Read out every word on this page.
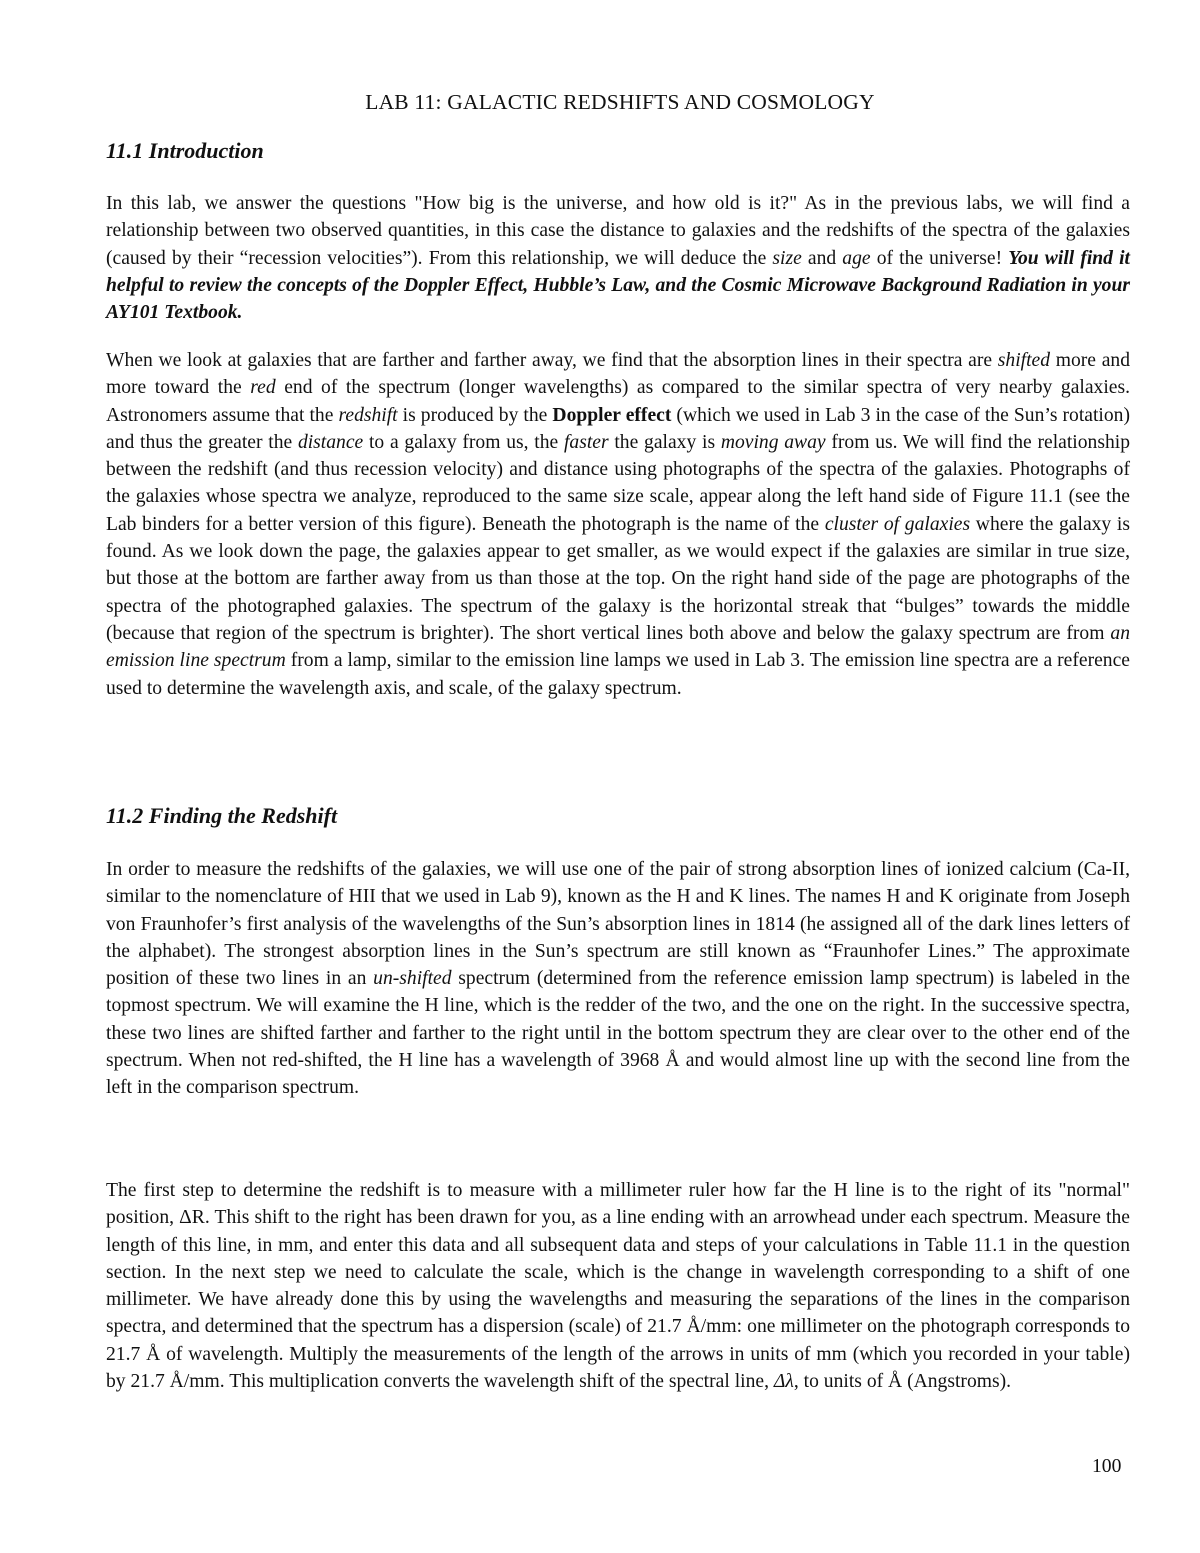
LAB 11: GALACTIC REDSHIFTS AND COSMOLOGY
11.1 Introduction

In this lab, we answer the questions "How big is the universe, and how old is it?" As in the previous labs, we will find a relationship between two observed quantities, in this case the distance to galaxies and the redshifts of the spectra of the galaxies (caused by their “recession velocities”). From this relationship, we will deduce the size and age of the universe! You will find it helpful to review the concepts of the Doppler Effect, Hubble’s Law, and the Cosmic Microwave Background Radiation in your AY101 Textbook.

When we look at galaxies that are farther and farther away, we find that the absorption lines in their spectra are shifted more and more toward the red end of the spectrum (longer wavelengths) as compared to the similar spectra of very nearby galaxies. Astronomers assume that the redshift is produced by the Doppler effect (which we used in Lab 3 in the case of the Sun’s rotation) and thus the greater the distance to a galaxy from us, the faster the galaxy is moving away from us. We will find the relationship between the redshift (and thus recession velocity) and distance using photographs of the spectra of the galaxies. Photographs of the galaxies whose spectra we analyze, reproduced to the same size scale, appear along the left hand side of Figure 11.1 (see the Lab binders for a better version of this figure). Beneath the photograph is the name of the cluster of galaxies where the galaxy is found. As we look down the page, the galaxies appear to get smaller, as we would expect if the galaxies are similar in true size, but those at the bottom are farther away from us than those at the top. On the right hand side of the page are photographs of the spectra of the photographed galaxies. The spectrum of the galaxy is the horizontal streak that “bulges” towards the middle (because that region of the spectrum is brighter). The short vertical lines both above and below the galaxy spectrum are from an emission line spectrum from a lamp, similar to the emission line lamps we used in Lab 3. The emission line spectra are a reference used to determine the wavelength axis, and scale, of the galaxy spectrum.

11.2 Finding the Redshift

In order to measure the redshifts of the galaxies, we will use one of the pair of strong absorption lines of ionized calcium (Ca-II, similar to the nomenclature of HII that we used in Lab 9), known as the H and K lines. The names H and K originate from Joseph von Fraunhofer’s first analysis of the wavelengths of the Sun’s absorption lines in 1814 (he assigned all of the dark lines letters of the alphabet). The strongest absorption lines in the Sun’s spectrum are still known as “Fraunhofer Lines.” The approximate position of these two lines in an un-shifted spectrum (determined from the reference emission lamp spectrum) is labeled in the topmost spectrum. We will examine the H line, which is the redder of the two, and the one on the right. In the successive spectra, these two lines are shifted farther and farther to the right until in the bottom spectrum they are clear over to the other end of the spectrum. When not red-shifted, the H line has a wavelength of 3968 Å and would almost line up with the second line from the left in the comparison spectrum.

The first step to determine the redshift is to measure with a millimeter ruler how far the H line is to the right of its "normal" position, ΔR. This shift to the right has been drawn for you, as a line ending with an arrowhead under each spectrum. Measure the length of this line, in mm, and enter this data and all subsequent data and steps of your calculations in Table 11.1 in the question section. In the next step we need to calculate the scale, which is the change in wavelength corresponding to a shift of one millimeter. We have already done this by using the wavelengths and measuring the separations of the lines in the comparison spectra, and determined that the spectrum has a dispersion (scale) of 21.7 Å/mm: one millimeter on the photograph corresponds to 21.7 Å of wavelength. Multiply the measurements of the length of the arrows in units of mm (which you recorded in your table) by 21.7 Å/mm. This multiplication converts the wavelength shift of the spectral line, Δλ, to units of Å (Angstroms).

100
